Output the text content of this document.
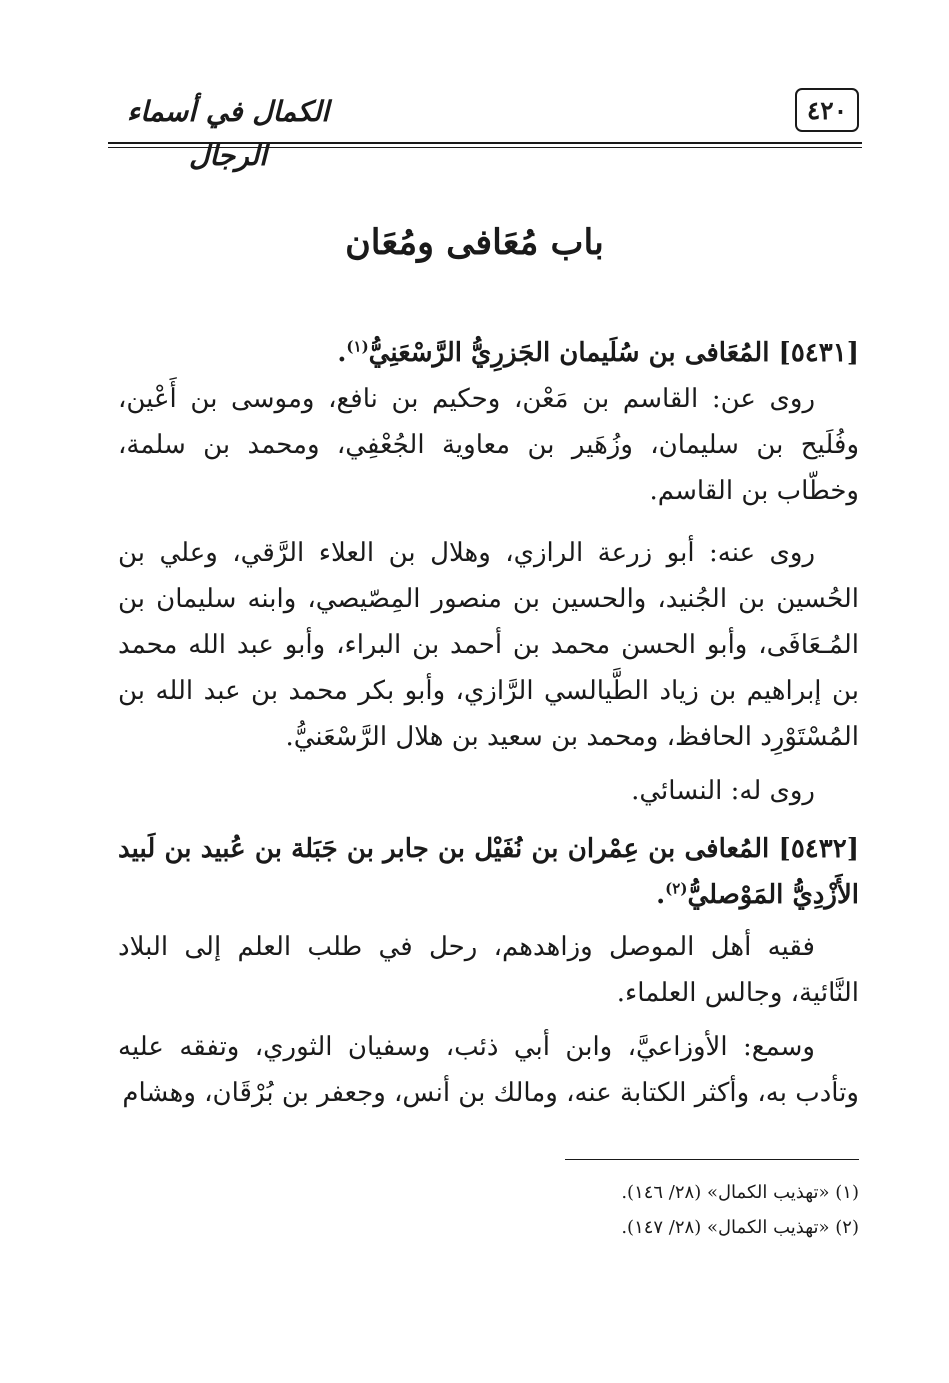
٤٢٠
الكمال في أسماء الرجال
باب مُعَافى ومُعَان
[٥٤٣١] المُعَافى بن سُلَيمان الجَزرِيُّ الرَّسْعَنِيُّ$^{(١)}$.
روى عن: القاسم بن مَعْن، وحكيم بن نافع، وموسى بن أَعْين، وفُلَيح بن سليمان، وزُهَير بن معاوية الجُعْفِي، ومحمد بن سلمة، وخطّاب بن القاسم.
روى عنه: أبو زرعة الرازي، وهلال بن العلاء الرَّقي، وعلي بن الحُسين بن الجُنيد، والحسين بن منصور المِصّيصي، وابنه سليمان بن المُـعَافَى، وأبو الحسن محمد بن أحمد بن البراء، وأبو عبد الله محمد بن إبراهيم بن زياد الطَّيالسي الرَّازي، وأبو بكر محمد بن عبد الله بن المُسْتَوْرِد الحافظ، ومحمد بن سعيد بن هلال الرَّسْعَنيُّ.
روى له: النسائي.
[٥٤٣٢] المُعافى بن عِمْران بن نُفَيْل بن جابر بن جَبَلة بن عُبيد بن لَبيد الأَزْدِيُّ المَوْصليُّ$^{(٢)}$.
فقيه أهل الموصل وزاهدهم، رحل في طلب العلم إلى البلاد النَّائية، وجالس العلماء.
وسمع: الأوزاعيَّ، وابن أبي ذئب، وسفيان الثوري، وتفقه عليه وتأدب به، وأكثر الكتابة عنه، ومالك بن أنس، وجعفر بن بُرْقَان، وهشام
(١) «تهذيب الكمال» (٢٨/ ١٤٦).
(٢) «تهذيب الكمال» (٢٨/ ١٤٧).
